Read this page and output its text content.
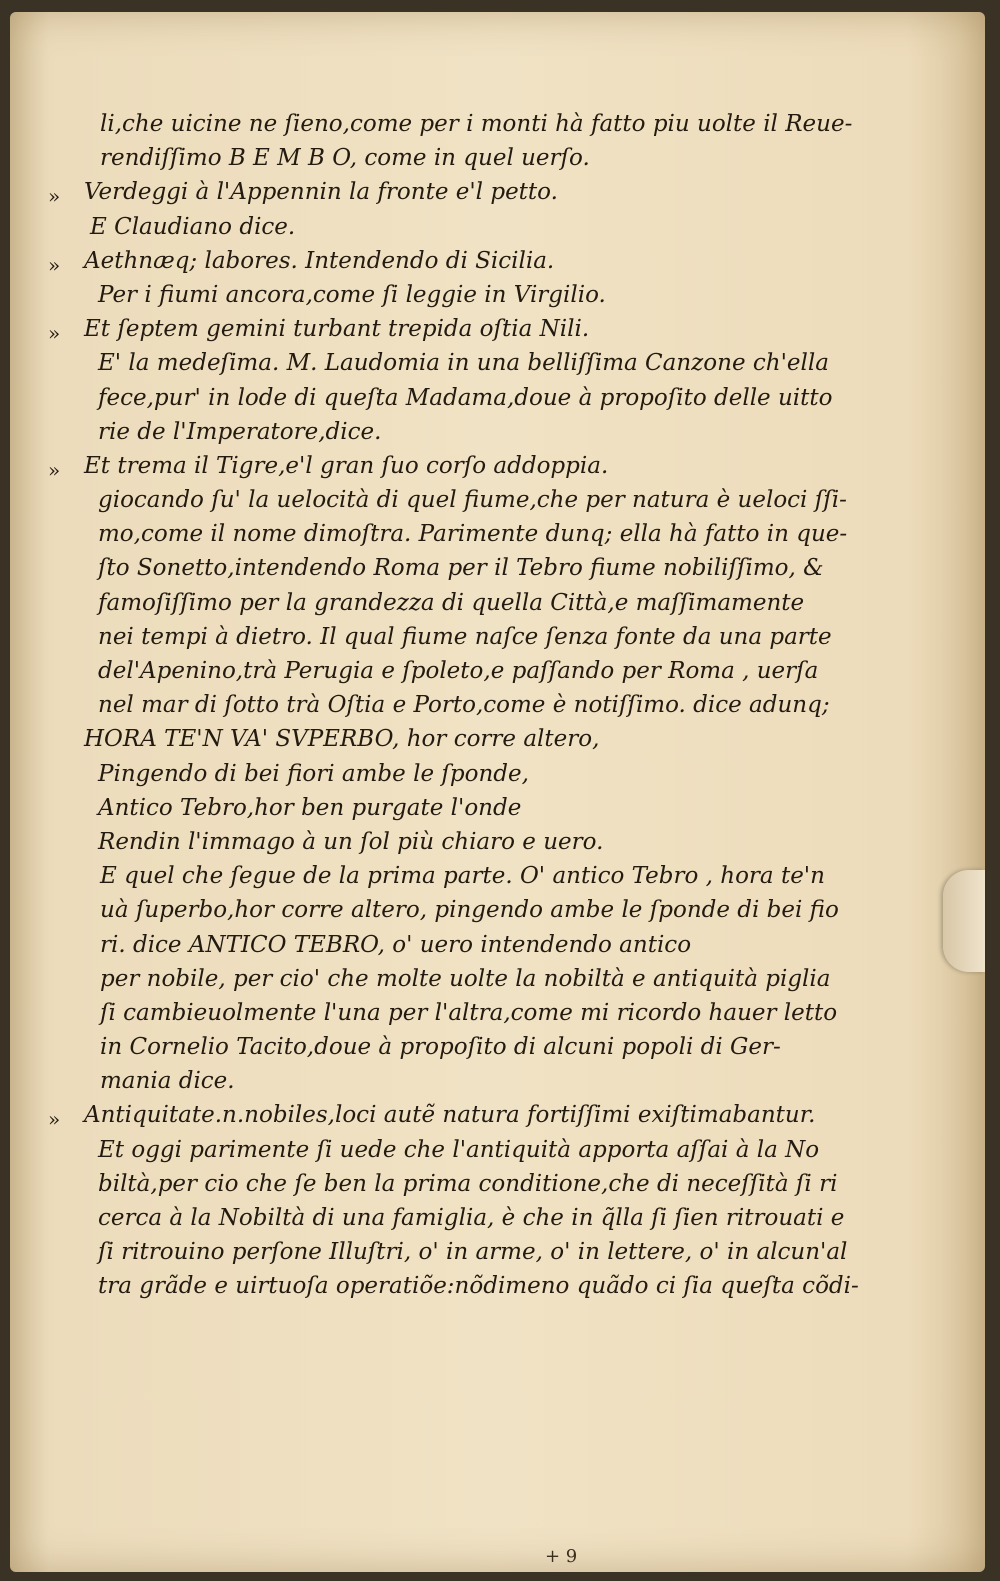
li,che uicine ne ſieno,come per i monti hà fatto piu uolte il Reue-
rendiſſimo B E M B O, come in quel uerſo.
» Verdeggi à l'Appennin la fronte e'l petto.
E Claudiano dice.
» Aethnæq; labores. Intendendo di Sicilia.
Per i fiumi ancora,come ſi leggie in Virgilio.
» Et ſeptem gemini turbant trepida oſtia Nili.
E' la medeſima. M. Laudomia in una belliſſima Canzone ch'ella
fece,pur' in lode di queſta Madama,doue à propoſito delle uitto
rie de l'Imperatore,dice.
» Et trema il Tigre,e'l gran ſuo corſo addoppia.
giocando ſu' la uelocità di quel fiume,che per natura è ueloci ſſi-
mo,come il nome dimoſtra. Parimente dunq; ella hà fatto in que-
ſto Sonetto,intendendo Roma per il Tebro fiume nobiliſſimo, &
famoſiſſimo per la grandezza di quella Città,e maſſimamente
nei tempi à dietro. Il qual fiume naſce ſenza fonte da una parte
del'Apenino,trà Perugia e ſpoleto,e paſſando per Roma , uerſa
nel mar di ſotto trà Oſtia e Porto,come è notiſſimo. dice adunq;
HORA TE'N VA' SVPERBO, hor corre altero,
Pingendo di bei fiori ambe le ſponde,
Antico Tebro,hor ben purgate l'onde
Rendin l'immago à un ſol più chiaro e uero.
E quel che ſegue de la prima parte. O' antico Tebro , hora te'n
uà ſuperbo,hor corre altero, pingendo ambe le ſponde di bei fio
ri. dice ANTICO TEBRO, o' uero intendendo antico
per nobile, per cio' che molte uolte la nobiltà e antiquità piglia
ſi cambieuolmente l'una per l'altra,come mi ricordo hauer letto
in Cornelio Tacito,doue à propoſito di alcuni popoli di Ger-
mania dice.
» Antiquitate.n.nobiles,loci autẽ natura fortiſſimi exiſtimabantur.
Et oggi parimente ſi uede che l'antiquità apporta aſſai à la No
biltà,per cio che ſe ben la prima conditione,che di neceſſità ſi ri
cerca à la Nobiltà di una famiglia, è che in q̃lla ſi ſien ritrouati e
ſi ritrouino perſone Illuſtri, o' in arme, o' in lettere, o' in alcun'al
tra grãde e uirtuoſa operatiõe:nõdimeno quãdo ci ſia queſta cõdi-
+ 9
